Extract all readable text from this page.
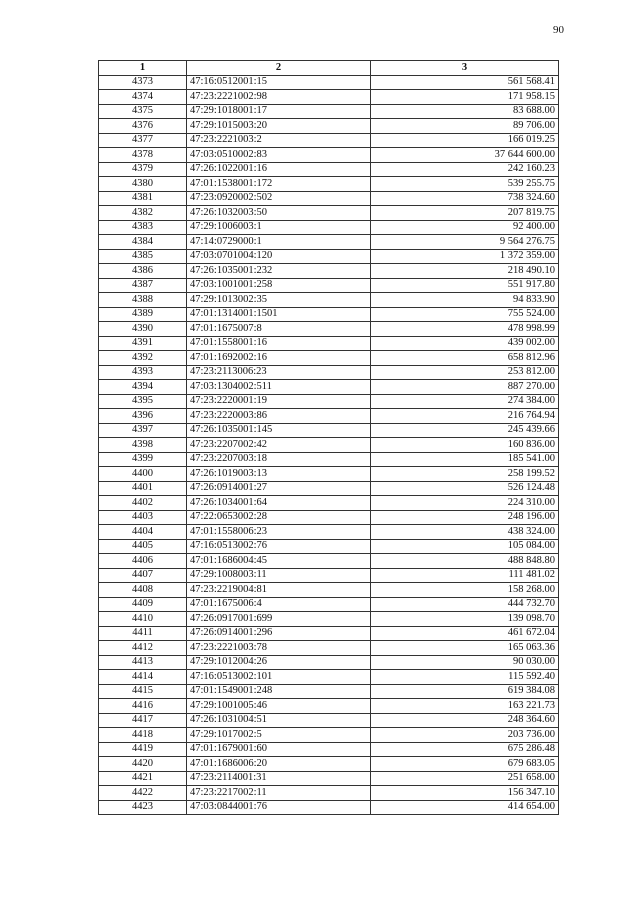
90
1	2	3
4373	47:16:0512001:15	561 568.41
4374	47:23:2221002:98	171 958.15
4375	47:29:1018001:17	83 688.00
4376	47:29:1015003:20	89 706.00
4377	47:23:2221003:2	166 019.25
4378	47:03:0510002:83	37 644 600.00
4379	47:26:1022001:16	242 160.23
4380	47:01:1538001:172	539 255.75
4381	47:23:0920002:502	738 324.60
4382	47:26:1032003:50	207 819.75
4383	47:29:1006003:1	92 400.00
4384	47:14:0729000:1	9 564 276.75
4385	47:03:0701004:120	1 372 359.00
4386	47:26:1035001:232	218 490.10
4387	47:03:1001001:258	551 917.80
4388	47:29:1013002:35	94 833.90
4389	47:01:1314001:1501	755 524.00
4390	47:01:1675007:8	478 998.99
4391	47:01:1558001:16	439 002.00
4392	47:01:1692002:16	658 812.96
4393	47:23:2113006:23	253 812.00
4394	47:03:1304002:511	887 270.00
4395	47:23:2220001:19	274 384.00
4396	47:23:2220003:86	216 764.94
4397	47:26:1035001:145	245 439.66
4398	47:23:2207002:42	160 836.00
4399	47:23:2207003:18	185 541.00
4400	47:26:1019003:13	258 199.52
4401	47:26:0914001:27	526 124.48
4402	47:26:1034001:64	224 310.00
4403	47:22:0653002:28	248 196.00
4404	47:01:1558006:23	438 324.00
4405	47:16:0513002:76	105 084.00
4406	47:01:1686004:45	488 848.80
4407	47:29:1008003:11	111 481.02
4408	47:23:2219004:81	158 268.00
4409	47:01:1675006:4	444 732.70
4410	47:26:0917001:699	139 098.70
4411	47:26:0914001:296	461 672.04
4412	47:23:2221003:78	165 063.36
4413	47:29:1012004:26	90 030.00
4414	47:16:0513002:101	115 592.40
4415	47:01:1549001:248	619 384.08
4416	47:29:1001005:46	163 221.73
4417	47:26:1031004:51	248 364.60
4418	47:29:1017002:5	203 736.00
4419	47:01:1679001:60	675 286.48
4420	47:01:1686006:20	679 683.05
4421	47:23:2114001:31	251 658.00
4422	47:23:2217002:11	156 347.10
4423	47:03:0844001:76	414 654.00
